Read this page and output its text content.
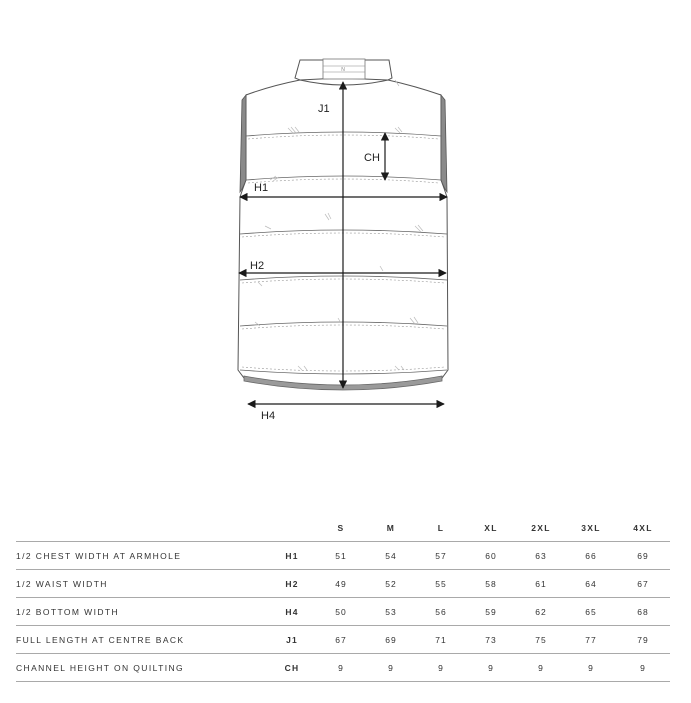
N
J1
CH
H1
H2
H4
		S	M	L	XL	2XL	3XL	4XL
1/2 CHEST WIDTH AT ARMHOLE	H1	51	54	57	60	63	66	69
1/2 WAIST WIDTH	H2	49	52	55	58	61	64	67
1/2 BOTTOM WIDTH	H4	50	53	56	59	62	65	68
FULL LENGTH AT CENTRE BACK	J1	67	69	71	73	75	77	79
CHANNEL HEIGHT ON QUILTING	CH	9	9	9	9	9	9	9
